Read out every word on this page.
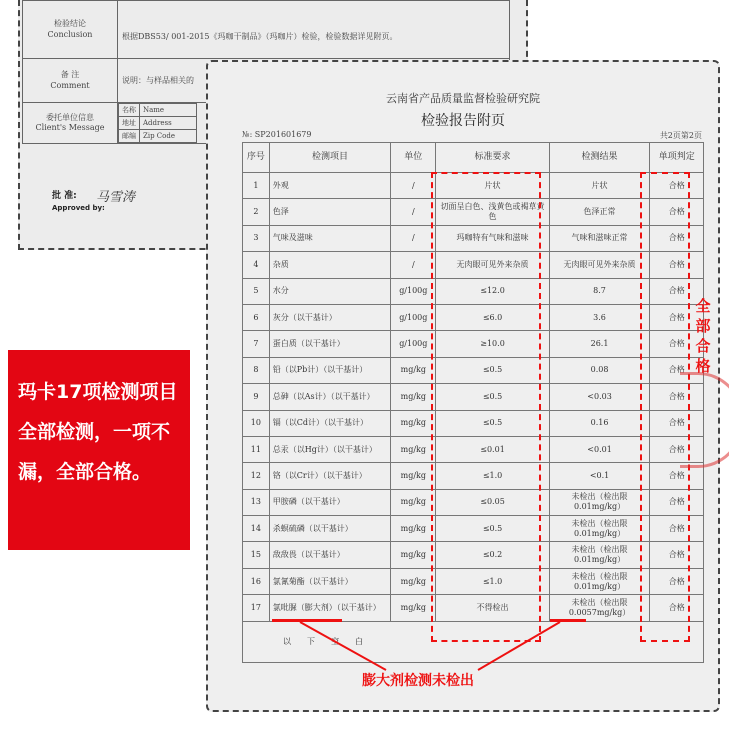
检验结论
Conclusion	根据DBS53/ 001-2015《玛咖干制品》（玛咖片）检验，检验数据详见附页。
备 注
Comment	说明：与样品相关的
委托单位信息
Client's Message	
名称	Name
地址	Address
邮编	Zip Code
批 准:
Approved by:
马雪涛
云南省产品质量监督检验研究院
检验报告附页
№: SP201601679	共2页第2页
序号	检测项目	单位	标准要求	检测结果	单项判定
1	外观	/	片状	片状	合格
2	色泽	/	切面呈白色、浅黄色或褐草黄色	色泽正常	合格
3	气味及滋味	/	玛咖特有气味和滋味	气味和滋味正常	合格
4	杂质	/	无肉眼可见外来杂质	无肉眼可见外来杂质	合格
5	水分	g/100g	≤12.0	8.7	合格
6	灰分（以干基计）	g/100g	≤6.0	3.6	合格
7	蛋白质（以干基计）	g/100g	≥10.0	26.1	合格
8	铅（以Pb计）（以干基计）	mg/kg	≤0.5	0.08	合格
9	总砷（以As计）（以干基计）	mg/kg	≤0.5	<0.03	合格
10	镉（以Cd计）（以干基计）	mg/kg	≤0.5	0.16	合格
11	总汞（以Hg计）（以干基计）	mg/kg	≤0.01	<0.01	合格
12	铬（以Cr计）（以干基计）	mg/kg	≤1.0	<0.1	合格
13	甲胺磷（以干基计）	mg/kg	≤0.05	未检出（检出限0.01mg/kg）	合格
14	杀螟硫磷（以干基计）	mg/kg	≤0.5	未检出（检出限0.01mg/kg）	合格
15	敌敌畏（以干基计）	mg/kg	≤0.2	未检出（检出限0.01mg/kg）	合格
16	氯氰菊酯（以干基计）	mg/kg	≤1.0	未检出（检出限0.01mg/kg）	合格
17	氯吡脲（膨大剂）（以干基计）	mg/kg	不得检出	未检出（检出限0.0057mg/kg）	合格
以下空白					
膨大剂检测未检出
全部合格
玛卡17项检测项目全部检测，一项不漏，全部合格。
